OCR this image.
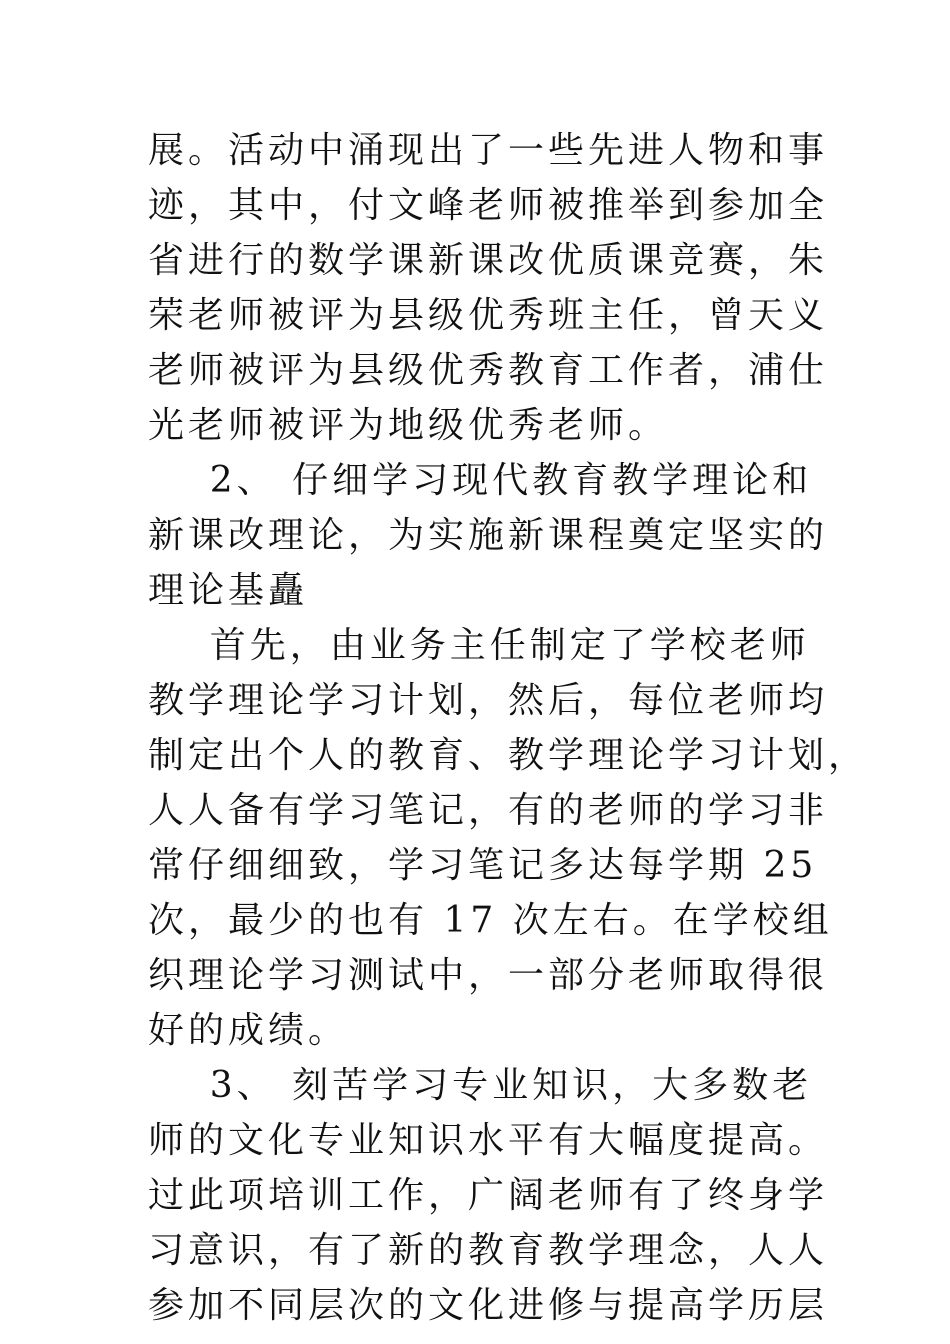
展。活动中涌现出了一些先进人物和事
迹，其中，付文峰老师被推举到参加全
省进行的数学课新课改优质课竞赛，朱
荣老师被评为县级优秀班主任，曾天义
老师被评为县级优秀教育工作者，浦仕
光老师被评为地级优秀老师。
2、 仔细学习现代教育教学理论和
新课改理论，为实施新课程奠定坚实的
理论基矗
首先，由业务主任制定了学校老师
教学理论学习计划，然后，每位老师均
制定出个人的教育、教学理论学习计划，
人人备有学习笔记，有的老师的学习非
常仔细细致，学习笔记多达每学期 25
次，最少的也有 17 次左右。在学校组
织理论学习测试中，一部分老师取得很
好的成绩。
3、 刻苦学习专业知识，大多数老
师的文化专业知识水平有大幅度提高。
过此项培训工作，广阔老师有了终身学
习意识，有了新的教育教学理念，人人
参加不同层次的文化进修与提高学历层
